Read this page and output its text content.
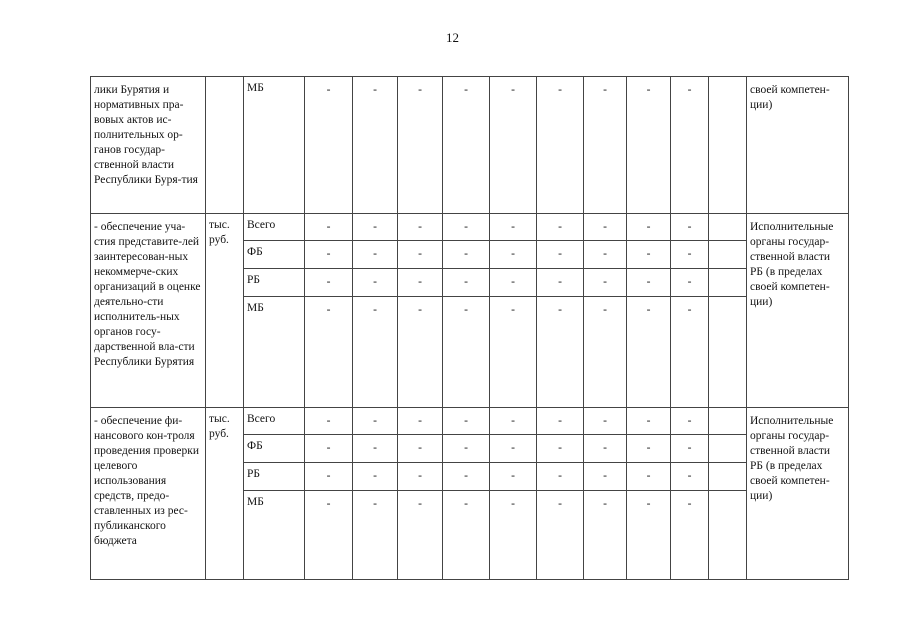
12
лики Бурятия и нормативных пра-вовых актов ис-полнительных ор-ганов государ-ственной власти Республики Буря-тия		МБ	-	-	-	-	-	-	-	-	-		своей компетен-ции)
- обеспечение уча-стия представите-лей заинтересован-ных некоммерче-ских организаций в оценке деятельно-сти исполнитель-ных органов госу-дарственной вла-сти Республики Бурятия	тыс. руб.	Всего	-	-	-	-	-	-	-	-	-		Исполнительные органы государ-ственной власти РБ (в пределах своей компетен-ции)
		ФБ	-	-	-	-	-	-	-	-	-		
		РБ	-	-	-	-	-	-	-	-	-		
		МБ	-	-	-	-	-	-	-	-	-		
- обеспечение фи-нансового кон-троля проведения проверки целевого использования средств, предо-ставленных из рес-публиканского бюджета	тыс. руб.	Всего	-	-	-	-	-	-	-	-	-		Исполнительные органы государ-ственной власти РБ (в пределах своей компетен-ции)
		ФБ	-	-	-	-	-	-	-	-	-		
		РБ	-	-	-	-	-	-	-	-	-		
		МБ	-	-	-	-	-	-	-	-	-		
